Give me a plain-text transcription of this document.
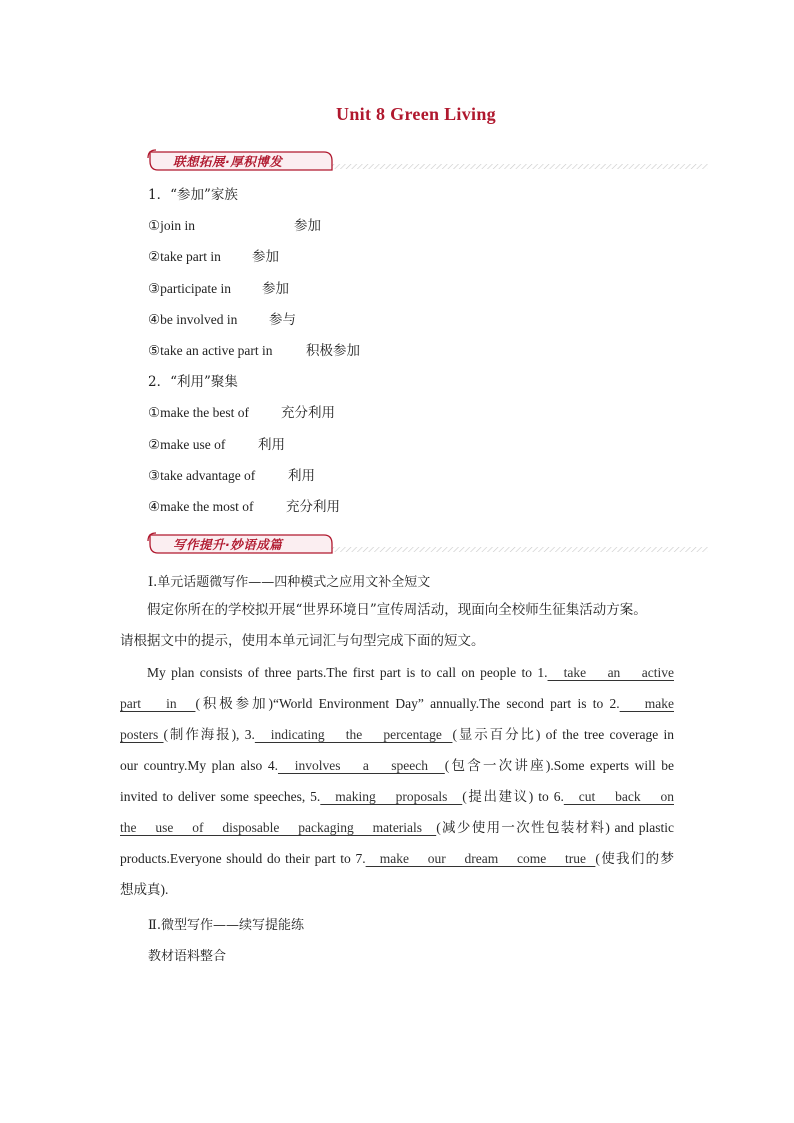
Unit 8 Green Living
联想拓展·厚积博发
1．“参加”家族
①join in	参加
②take part in 参加
③participate in 参加
④be involved in 参与
⑤take an active part in 积极参加
2．“利用”聚集
①make the best of 充分利用
②make use of 利用
③take advantage of 利用
④make the most of 充分利用
写作提升·妙语成篇
Ⅰ.单元话题微写作——四种模式之应用文补全短文

假定你所在的学校拟开展“世界环境日”宣传周活动，现面向全校师生征集活动方案。

请根据文中的提示，使用本单元词汇与句型完成下面的短文。

My plan consists of three parts.The first part is to call on people to 1.   take    an    active

part    in   (积极参加)“World Environment Day” annually.The second part is to 2.    make

posters (制作海报), 3.   indicating    the    percentage  (显示百分比) of the tree coverage in

our country.My plan also 4.   involves    a    speech   (包含一次讲座).Some experts will be

invited to deliver some speeches, 5.   making    proposals   (提出建议) to 6.   cut    back    on

the    use    of    disposable    packaging    materials   (减少使用一次性包装材料) and plastic

products.Everyone should do their part to 7.   make    our    dream    come    true  (使我们的梦

想成真).

Ⅱ.微型写作——续写提能练
教材语料整合
